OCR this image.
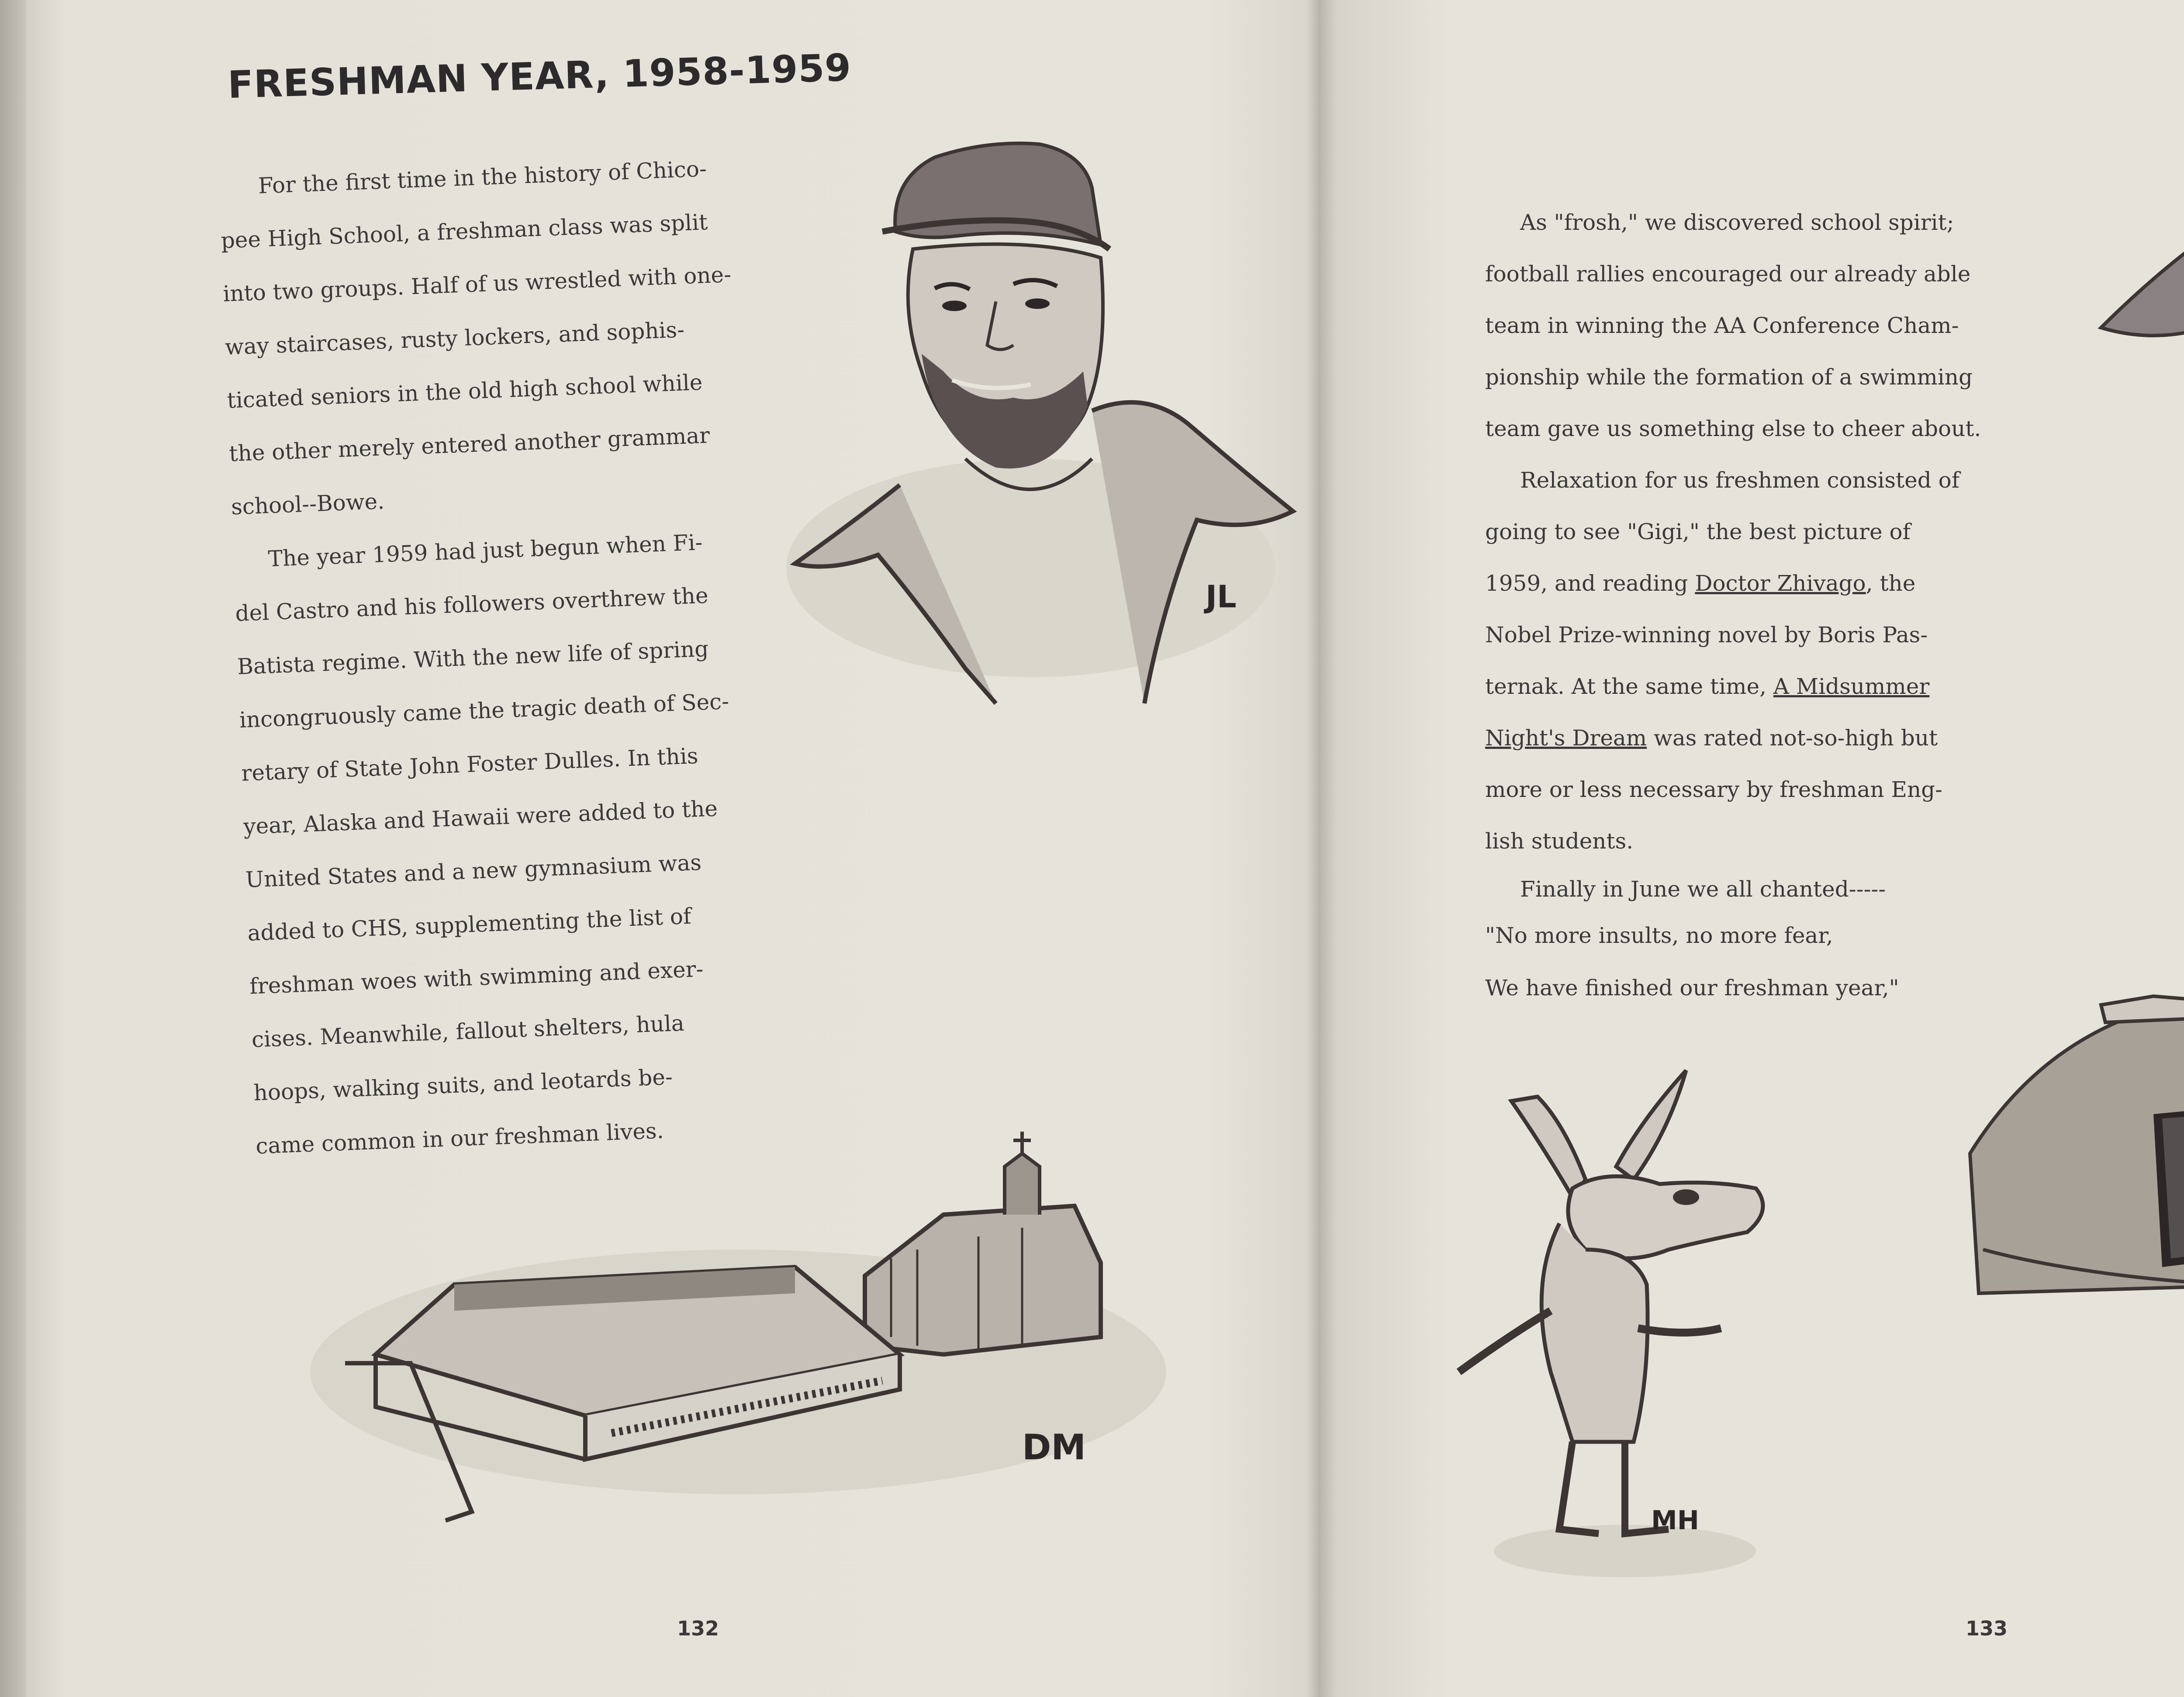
FRESHMAN YEAR, 1958-1959
For the first time in the history of Chico-
pee High School, a freshman class was split
into two groups. Half of us wrestled with one-
way staircases, rusty lockers, and sophis-
ticated seniors in the old high school while
the other merely entered another grammar
school--Bowe.
The year 1959 had just begun when Fi-
del Castro and his followers overthrew the
Batista regime. With the new life of spring
incongruously came the tragic death of Sec-
retary of State John Foster Dulles. In this
year, Alaska and Hawaii were added to the
United States and a new gymnasium was
added to CHS, supplementing the list of
freshman woes with swimming and exer-
cises. Meanwhile, fallout shelters, hula
hoops, walking suits, and leotards be-
came common in our freshman lives.
JL
DM
132
As "frosh," we discovered school spirit;
football rallies encouraged our already able
team in winning the AA Conference Cham-
pionship while the formation of a swimming
team gave us something else to cheer about.
Relaxation for us freshmen consisted of
going to see "Gigi," the best picture of
1959, and reading Doctor Zhivago, the
Nobel Prize-winning novel by Boris Pas-
ternak. At the same time, A Midsummer
Night's Dream was rated not-so-high but
more or less necessary by freshman Eng-
lish students.
Finally in June we all chanted-----
"No more insults, no more fear,
We have finished our freshman year,"
MH
133
